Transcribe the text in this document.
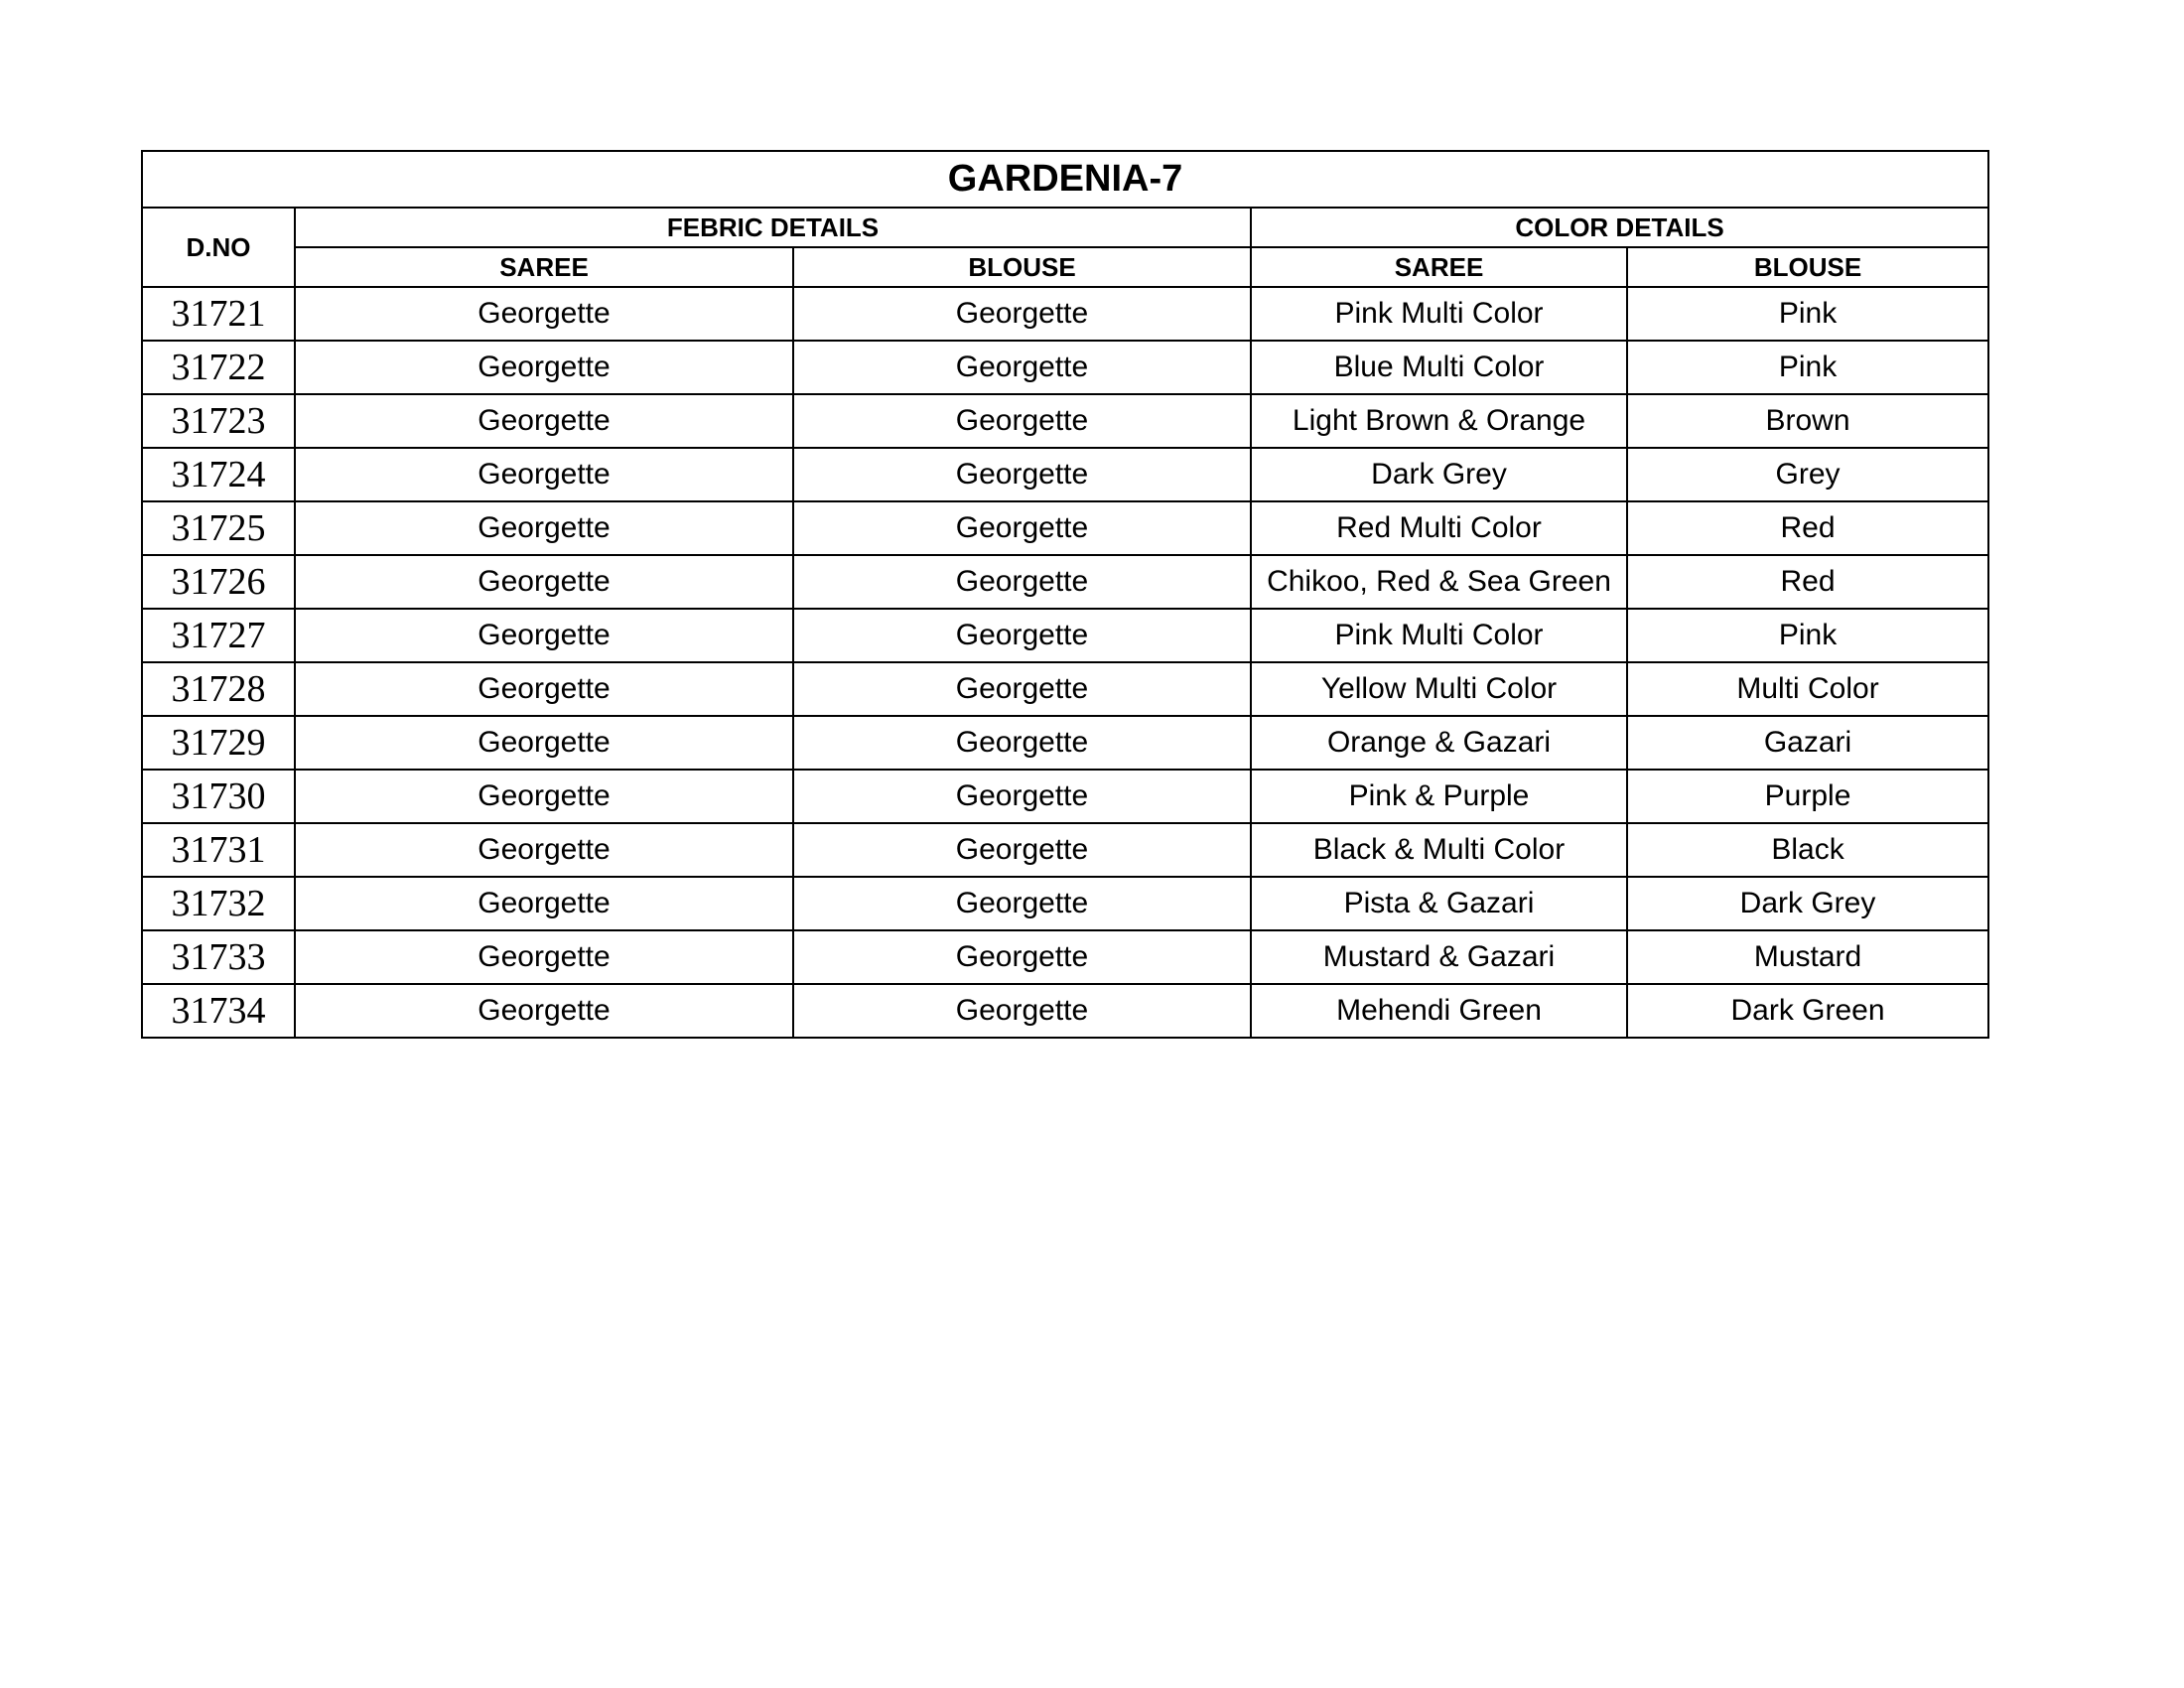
GARDENIA-7				
D.NO	FEBRIC DETAILS		COLOR DETAILS	
	SAREE	BLOUSE	SAREE	BLOUSE
31721	Georgette	Georgette	Pink Multi Color	Pink
31722	Georgette	Georgette	Blue Multi Color	Pink
31723	Georgette	Georgette	Light Brown & Orange	Brown
31724	Georgette	Georgette	Dark Grey	Grey
31725	Georgette	Georgette	Red Multi Color	Red
31726	Georgette	Georgette	Chikoo, Red & Sea Green	Red
31727	Georgette	Georgette	Pink Multi Color	Pink
31728	Georgette	Georgette	Yellow Multi Color	Multi Color
31729	Georgette	Georgette	Orange & Gazari	Gazari
31730	Georgette	Georgette	Pink & Purple	Purple
31731	Georgette	Georgette	Black & Multi Color	Black
31732	Georgette	Georgette	Pista & Gazari	Dark Grey
31733	Georgette	Georgette	Mustard & Gazari	Mustard
31734	Georgette	Georgette	Mehendi Green	Dark Green
